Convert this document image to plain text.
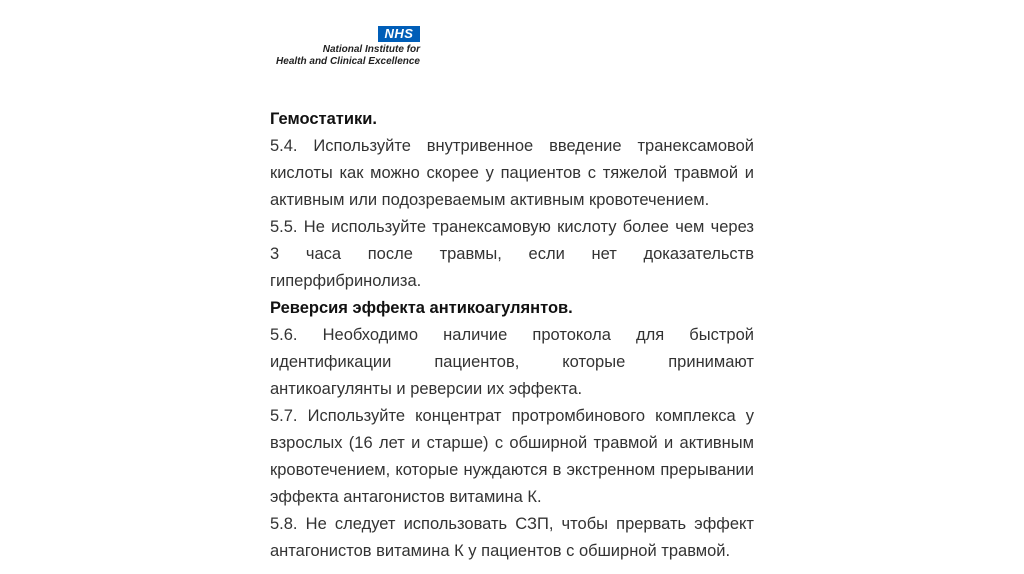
NHS
National Institute for
Health and Clinical Excellence

Гемостатики.

5.4. Используйте внутривенное введение транексамовой кислоты как можно скорее у пациентов с тяжелой травмой и активным или подозреваемым активным кровотечением.

5.5. Не используйте транексамовую кислоту более чем через 3 часа после травмы, если нет доказательств гиперфибринолиза.

Реверсия эффекта антикоагулянтов.

5.6. Необходимо наличие протокола для быстрой идентификации пациентов, которые принимают антикоагулянты и реверсии их эффекта.

5.7. Используйте концентрат протромбинового комплекса у взрослых (16 лет и старше) с обширной травмой и активным кровотечением, которые нуждаются в экстренном прерывании эффекта антагонистов витамина К.

5.8. Не следует использовать СЗП, чтобы прервать эффект антагонистов витамина К у пациентов с обширной травмой.
